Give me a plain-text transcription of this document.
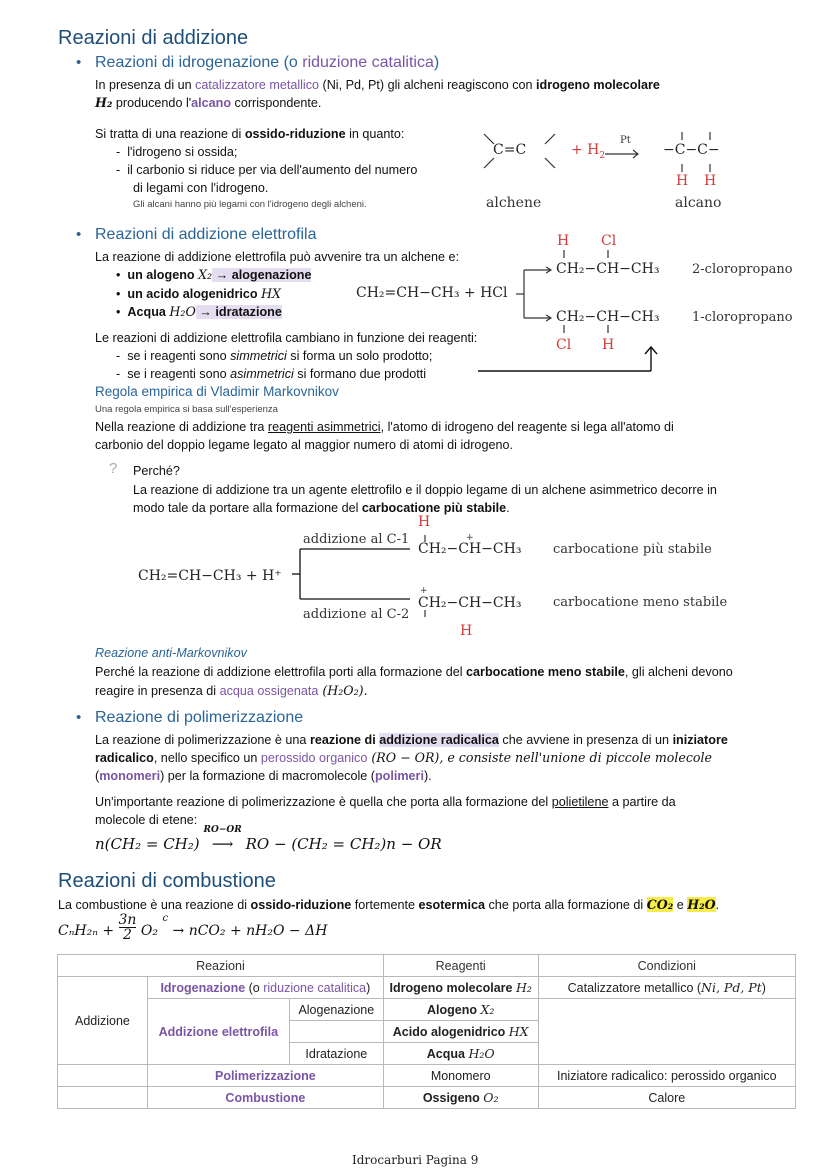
Reazioni di addizione
• Reazioni di idrogenazione (o riduzione catalitica)
In presenza di un catalizzatore metallico (Ni, Pd, Pt) gli alcheni reagiscono con idrogeno molecolare
H₂ producendo l'alcano corrispondente.
Si tratta di una reazione di ossido-riduzione in quanto:
-  l'idrogeno si ossida;
-  il carbonio si riduce per via dell'aumento del numero
di legami con l'idrogeno.
Gli alcani hanno più legami con l'idrogeno degli alcheni.
C=C	+ $H_2$
Pt
−C−C−
H H
alchene	alcano
• Reazioni di addizione elettrofila
La reazione di addizione elettrofila può avvenire tra un alchene e:
•  un alogeno X₂ → alogenazione
•  un acido alogenidrico HX
•  Acqua H₂O → idratazione
Le reazioni di addizione elettrofila cambiano in funzione dei reagenti:
-  se i reagenti sono simmetrici si forma un solo prodotto;
-  se i reagenti sono asimmetrici si formano due prodotti
H Cl
CH₂=CH−CH₃ + HCl
CH₂−CH−CH₃	2-cloropropano
CH₂−CH−CH₃	1-cloropropano
Cl H
Regola empirica di Vladimir Markovnikov
Una regola empirica si basa sull'esperienza
Nella reazione di addizione tra reagenti asimmetrici, l'atomo di idrogeno del reagente si lega all'atomo di
carbonio del doppio legame legato al maggior numero di atomi di idrogeno.
? Perché?
La reazione di addizione tra un agente elettrofilo e il doppio legame di un alchene asimmetrico decorre in
modo tale da portare alla formazione del carbocatione più stabile.
H
addizione al C-1	+
CH₂−CH−CH₃ carbocatione più stabile
CH₂=CH−CH₃ + H⁺
+
CH₂−CH−CH₃ carbocatione meno stabile
addizione al C-2
H
Reazione anti-Markovnikov
Perché la reazione di addizione elettrofila porti alla formazione del carbocatione meno stabile, gli alcheni devono
reagire in presenza di acqua ossigenata (H₂O₂).
• Reazione di polimerizzazione
La reazione di polimerizzazione è una reazione di addizione radicalica che avviene in presenza di un iniziatore
radicalico, nello specifico un perossido organico (RO − OR), e consiste nell'unione di piccole molecole
(monomeri) per la formazione di macromolecole (polimeri).
Un'importante reazione di polimerizzazione è quella che porta alla formazione del polietilene a partire da
molecole di etene:
n(CH₂ = CH₂)
RO−OR
⟶ RO − (CH₂ = CH₂)n − OR
Reazioni di combustione
La combustione è una reazione di ossido-riduzione fortemente esotermica che porta alla formazione di CO₂ e H₂O.
$C_nH_{2n} + \frac{3n}{2} O_2$
c

→ nCO₂ + nH₂O − ΔH
Reazioni			Reagenti	Condizioni
Addizione	Idrogenazione (o riduzione catalitica)		Idrogeno molecolare H₂	Catalizzatore metallico (Ni, Pd, Pt)
	Addizione elettrofila	Alogenazione	Alogeno X₂	
			Acido alogenidrico HX	
		Idratazione	Acqua H₂O	
	Polimerizzazione		Monomero	Iniziatore radicalico: perossido organico
	Combustione		Ossigeno O₂	Calore
Idrocarburi Pagina 9
